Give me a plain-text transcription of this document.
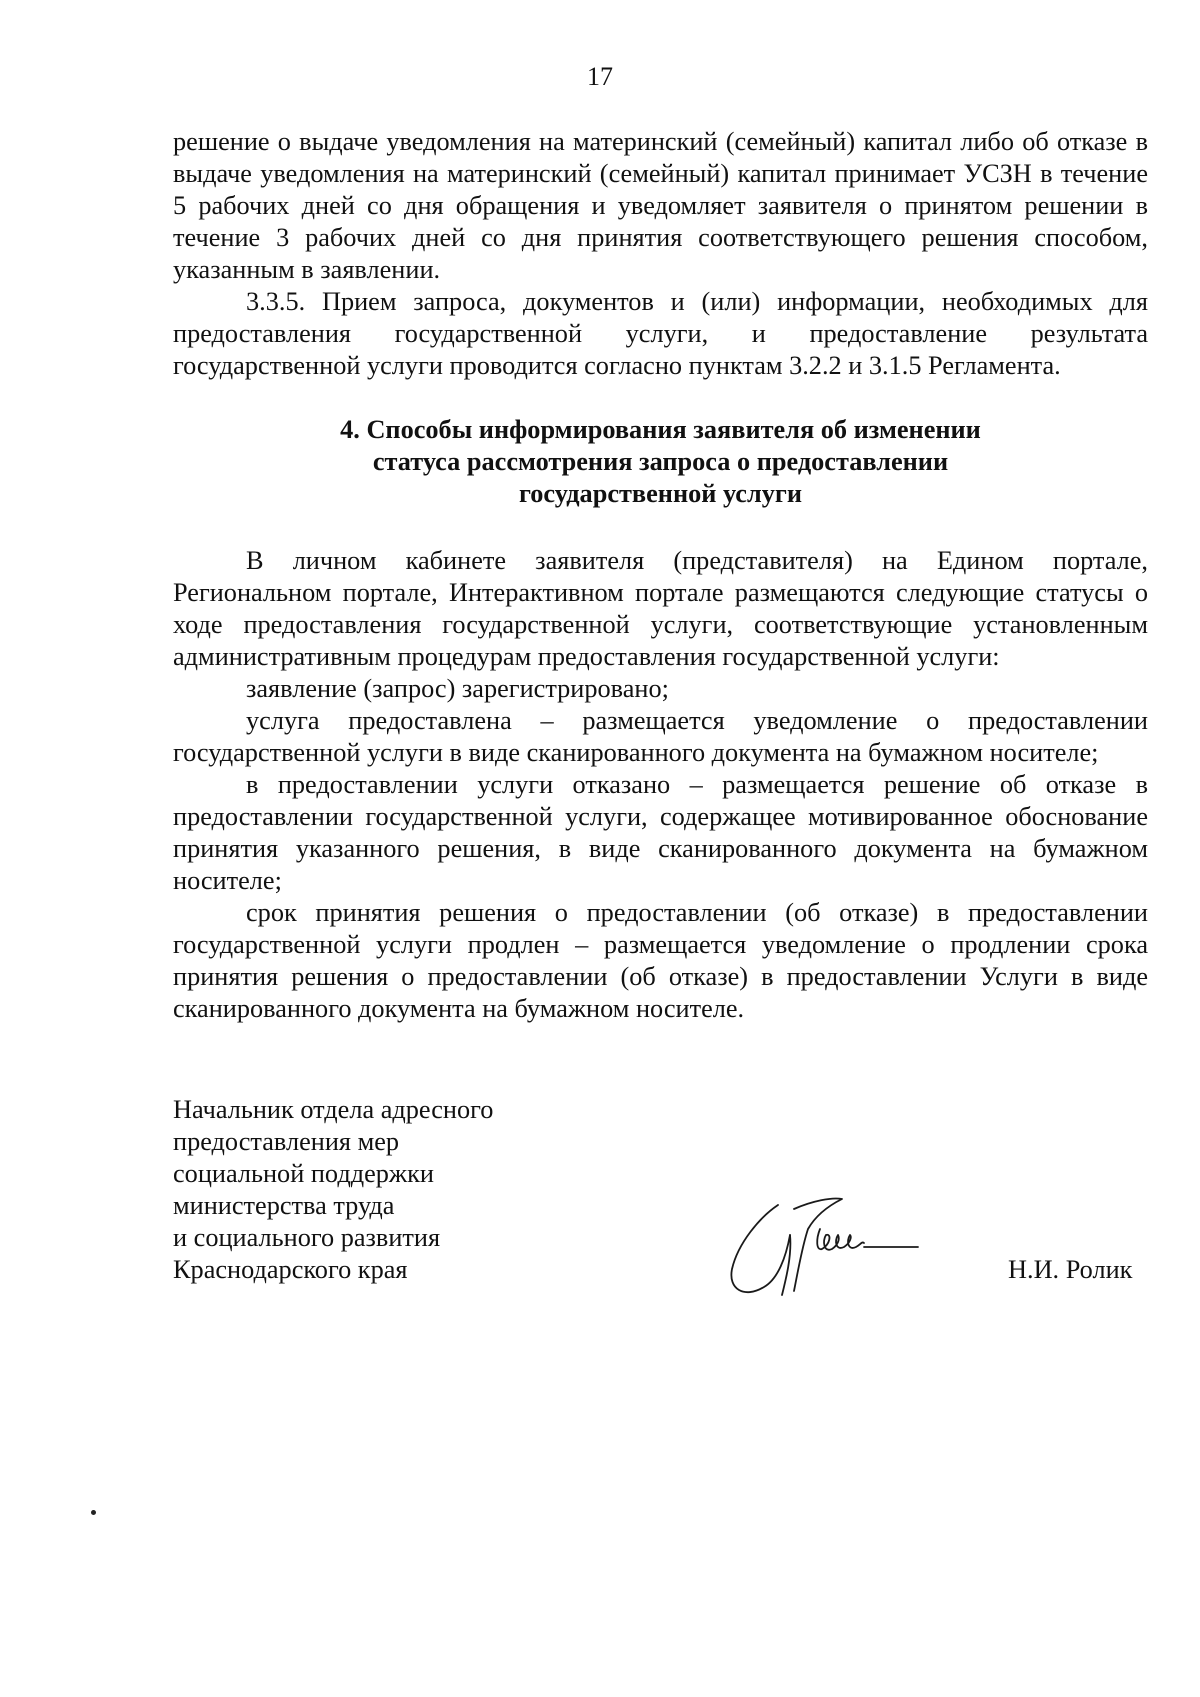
17

решение о выдаче уведомления на материнский (семейный) капитал либо об отказе в выдаче уведомления на материнский (семейный) капитал принимает УСЗН в течение 5 рабочих дней со дня обращения и уведомляет заявителя о принятом решении в течение 3 рабочих дней со дня принятия соответствующего решения способом, указанным в заявлении.

3.3.5. Прием запроса, документов и (или) информации, необходимых для предоставления государственной услуги, и предоставление результата государственной услуги проводится согласно пунктам 3.2.2 и 3.1.5 Регламента.

4. Способы информирования заявителя об изменении
статуса рассмотрения запроса о предоставлении
государственной услуги

В личном кабинете заявителя (представителя) на Едином портале, Региональном портале, Интерактивном портале размещаются следующие статусы о ходе предоставления государственной услуги, соответствующие установленным административным процедурам предоставления государственной услуги:

заявление (запрос) зарегистрировано;

услуга предоставлена – размещается уведомление о предоставлении государственной услуги в виде сканированного документа на бумажном носителе;

в предоставлении услуги отказано – размещается решение об отказе в предоставлении государственной услуги, содержащее мотивированное обоснование принятия указанного решения, в виде сканированного документа на бумажном носителе;

срок принятия решения о предоставлении (об отказе) в предоставлении государственной услуги продлен – размещается уведомление о продлении срока принятия решения о предоставлении (об отказе) в предоставлении Услуги в виде сканированного документа на бумажном носителе.

Начальник отдела адресного
предоставления мер
социальной поддержки
министерства труда
и социального развития
Краснодарского края	Н.И. Ролик
